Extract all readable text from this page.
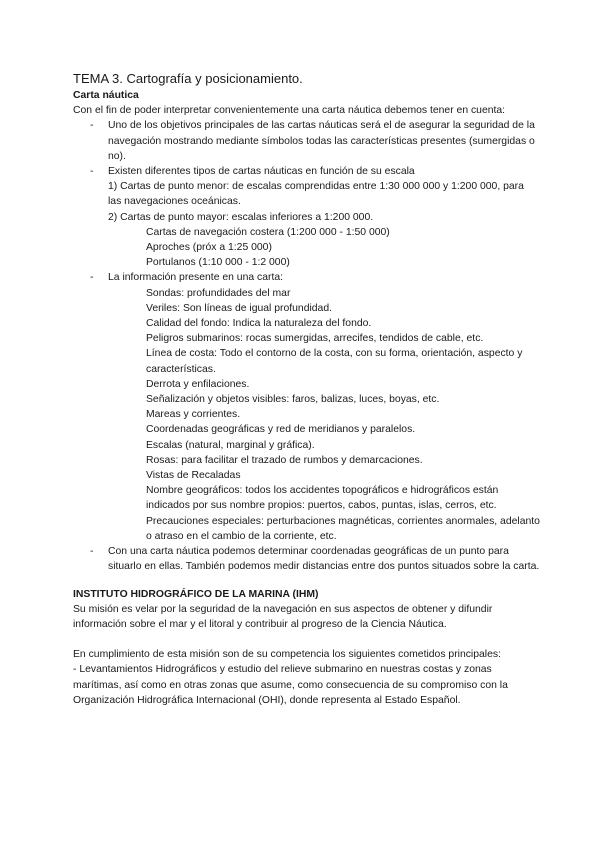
TEMA 3. Cartografía y posicionamiento.
Carta náutica
Con el fin de poder interpretar convenientemente una carta náutica debemos tener en cuenta:
- Uno de los objetivos principales de las cartas náuticas será el de asegurar la seguridad de la navegación mostrando mediante símbolos todas las características presentes (sumergidas o no).
- Existen diferentes tipos de cartas náuticas en función de su escala
1) Cartas de punto menor: de escalas comprendidas entre 1:30 000 000 y 1:200 000, para las navegaciones oceánicas.
2) Cartas de punto mayor: escalas inferiores a 1:200 000.
Cartas de navegación costera (1:200 000 - 1:50 000)
Aproches (próx a 1:25 000)
Portulanos (1:10 000 - 1:2 000)
- La información presente en una carta:
Sondas: profundidades del mar
Veriles: Son líneas de igual profundidad.
Calidad del fondo: Indica la naturaleza del fondo.
Peligros submarinos: rocas sumergidas, arrecifes, tendidos de cable, etc.
Línea de costa: Todo el contorno de la costa, con su forma, orientación, aspecto y características.
Derrota y enfilaciones.
Señalización y objetos visibles: faros, balizas, luces, boyas, etc.
Mareas y corrientes.
Coordenadas geográficas y red de meridianos y paralelos.
Escalas (natural, marginal y gráfica).
Rosas: para facilitar el trazado de rumbos y demarcaciones.
Vistas de Recaladas
Nombre geográficos: todos los accidentes topográficos e hidrográficos están indicados por sus nombre propios: puertos, cabos, puntas, islas, cerros, etc.
Precauciones especiales: perturbaciones magnéticas, corrientes anormales, adelanto o atraso en el cambio de la corriente, etc.
- Con una carta náutica podemos determinar coordenadas geográficas de un punto para situarlo en ellas. También podemos medir distancias entre dos puntos situados sobre la carta.
INSTITUTO HIDROGRÁFICO DE LA MARINA (IHM)
Su misión es velar por la seguridad de la navegación en sus aspectos de obtener y difundir información sobre el mar y el litoral y contribuir al progreso de la Ciencia Náutica.
En cumplimiento de esta misión son de su competencia los siguientes cometidos principales:
- Levantamientos Hidrográficos y estudio del relieve submarino en nuestras costas y zonas marítimas, así como en otras zonas que asume, como consecuencia de su compromiso con la Organización Hidrográfica Internacional (OHI), donde representa al Estado Español.
